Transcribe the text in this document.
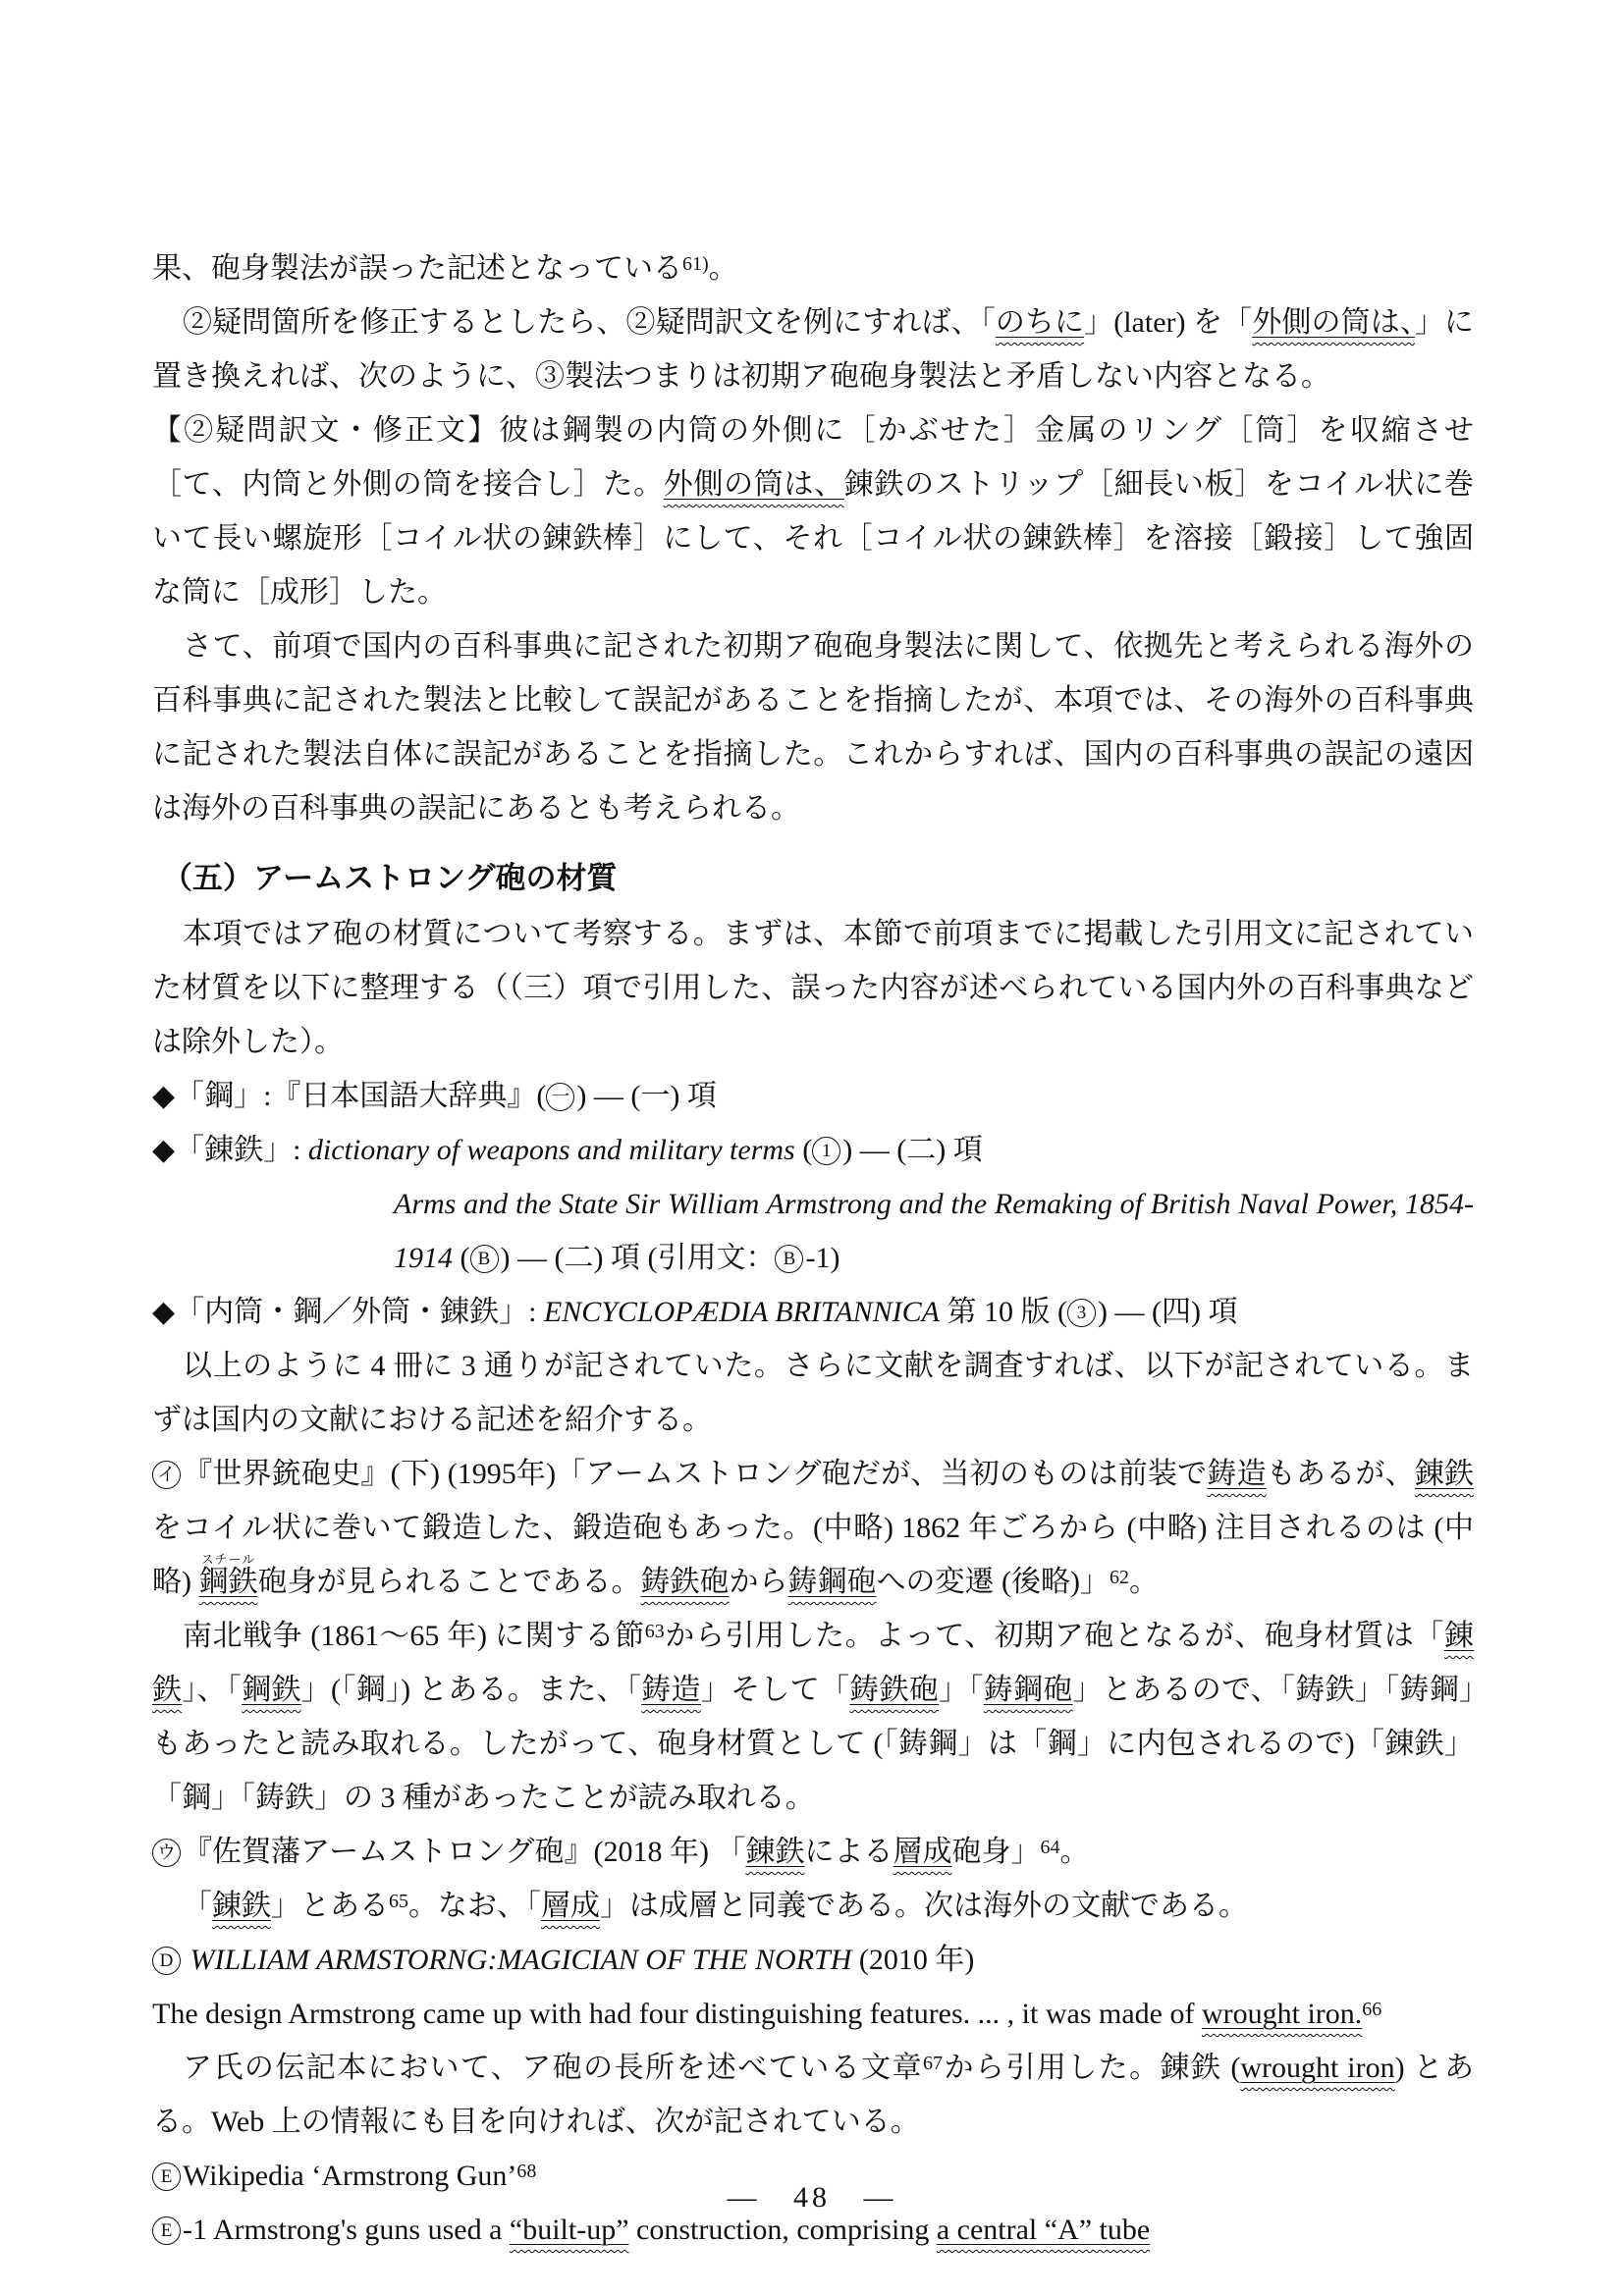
果、砲身製法が誤った記述となっている$^{61)}$。

②疑問箇所を修正するとしたら、②疑問訳文を例にすれば、「のちに」(later) を「外側の筒は、」に置き換えれば、次のように、③製法つまりは初期ア砲砲身製法と矛盾しない内容となる。

【②疑問訳文・修正文】彼は鋼製の内筒の外側に［かぶせた］金属のリング［筒］を収縮させ［て、内筒と外側の筒を接合し］た。外側の筒は、錬鉄のストリップ［細長い板］をコイル状に巻いて長い螺旋形［コイル状の錬鉄棒］にして、それ［コイル状の錬鉄棒］を溶接［鍛接］して強固な筒に［成形］した。

さて、前項で国内の百科事典に記された初期ア砲砲身製法に関して、依拠先と考えられる海外の百科事典に記された製法と比較して誤記があることを指摘したが、本項では、その海外の百科事典に記された製法自体に誤記があることを指摘した。これからすれば、国内の百科事典の誤記の遠因は海外の百科事典の誤記にあるとも考えられる。

（五）アームストロング砲の材質

本項ではア砲の材質について考察する。まずは、本節で前項までに掲載した引用文に記されていた材質を以下に整理する（（三）項で引用した、誤った内容が述べられている国内外の百科事典などは除外した）。

◆「鋼」:『日本国語大辞典』( 一 ) ― (一) 項

◆「錬鉄」: dictionary of weapons and military terms ( 1 ) ― (二) 項

Arms and the State Sir William Armstrong and the Remaking of British Naval Power, 1854-1914 ( B ) ― (二) 項 (引用文： B -1)

◆「内筒・鋼／外筒・錬鉄」: ENCYCLOPÆDIA BRITANNICA 第 10 版 ( 3 ) ― (四) 項

以上のように 4 冊に 3 通りが記されていた。さらに文献を調査すれば、以下が記されている。まずは国内の文献における記述を紹介する。

イ 『世界銃砲史』(下) (1995年)「アームストロング砲だが、当初のものは前装で鋳造もあるが、錬鉄をコイル状に巻いて鍛造した、鍛造砲もあった。(中略) 1862 年ごろから (中略) 注目されるのは (中略) 鋼鉄スチール砲身が見られることである。鋳鉄砲から鋳鋼砲への変遷 (後略)」$^{62}$。

南北戦争 (1861〜65 年) に関する節$^{63}$から引用した。よって、初期ア砲となるが、砲身材質は「錬鉄」、「鋼鉄」(「鋼」) とある。また、「鋳造」そして「鋳鉄砲」「鋳鋼砲」とあるので、「鋳鉄」「鋳鋼」もあったと読み取れる。したがって、砲身材質として (「鋳鋼」は「鋼」に内包されるので)「錬鉄」「鋼」「鋳鉄」の 3 種があったことが読み取れる。

ウ 『佐賀藩アームストロング砲』(2018 年) 「錬鉄による層成砲身」$^{64}$。

「錬鉄」とある$^{65}$。なお、「層成」は成層と同義である。次は海外の文献である。

D WILLIAM ARMSTORNG:MAGICIAN OF THE NORTH (2010 年)

The design Armstrong came up with had four distinguishing features. ... , it was made of wrought iron.$^{66}$

ア氏の伝記本において、ア砲の長所を述べている文章$^{67}$から引用した。錬鉄 (wrought iron) とある。Web 上の情報にも目を向ければ、次が記されている。

E Wikipedia ‘Armstrong Gun’$^{68}$

E -1 Armstrong's guns used a “built-up” construction, comprising a central “A” tube

― 48 ―
